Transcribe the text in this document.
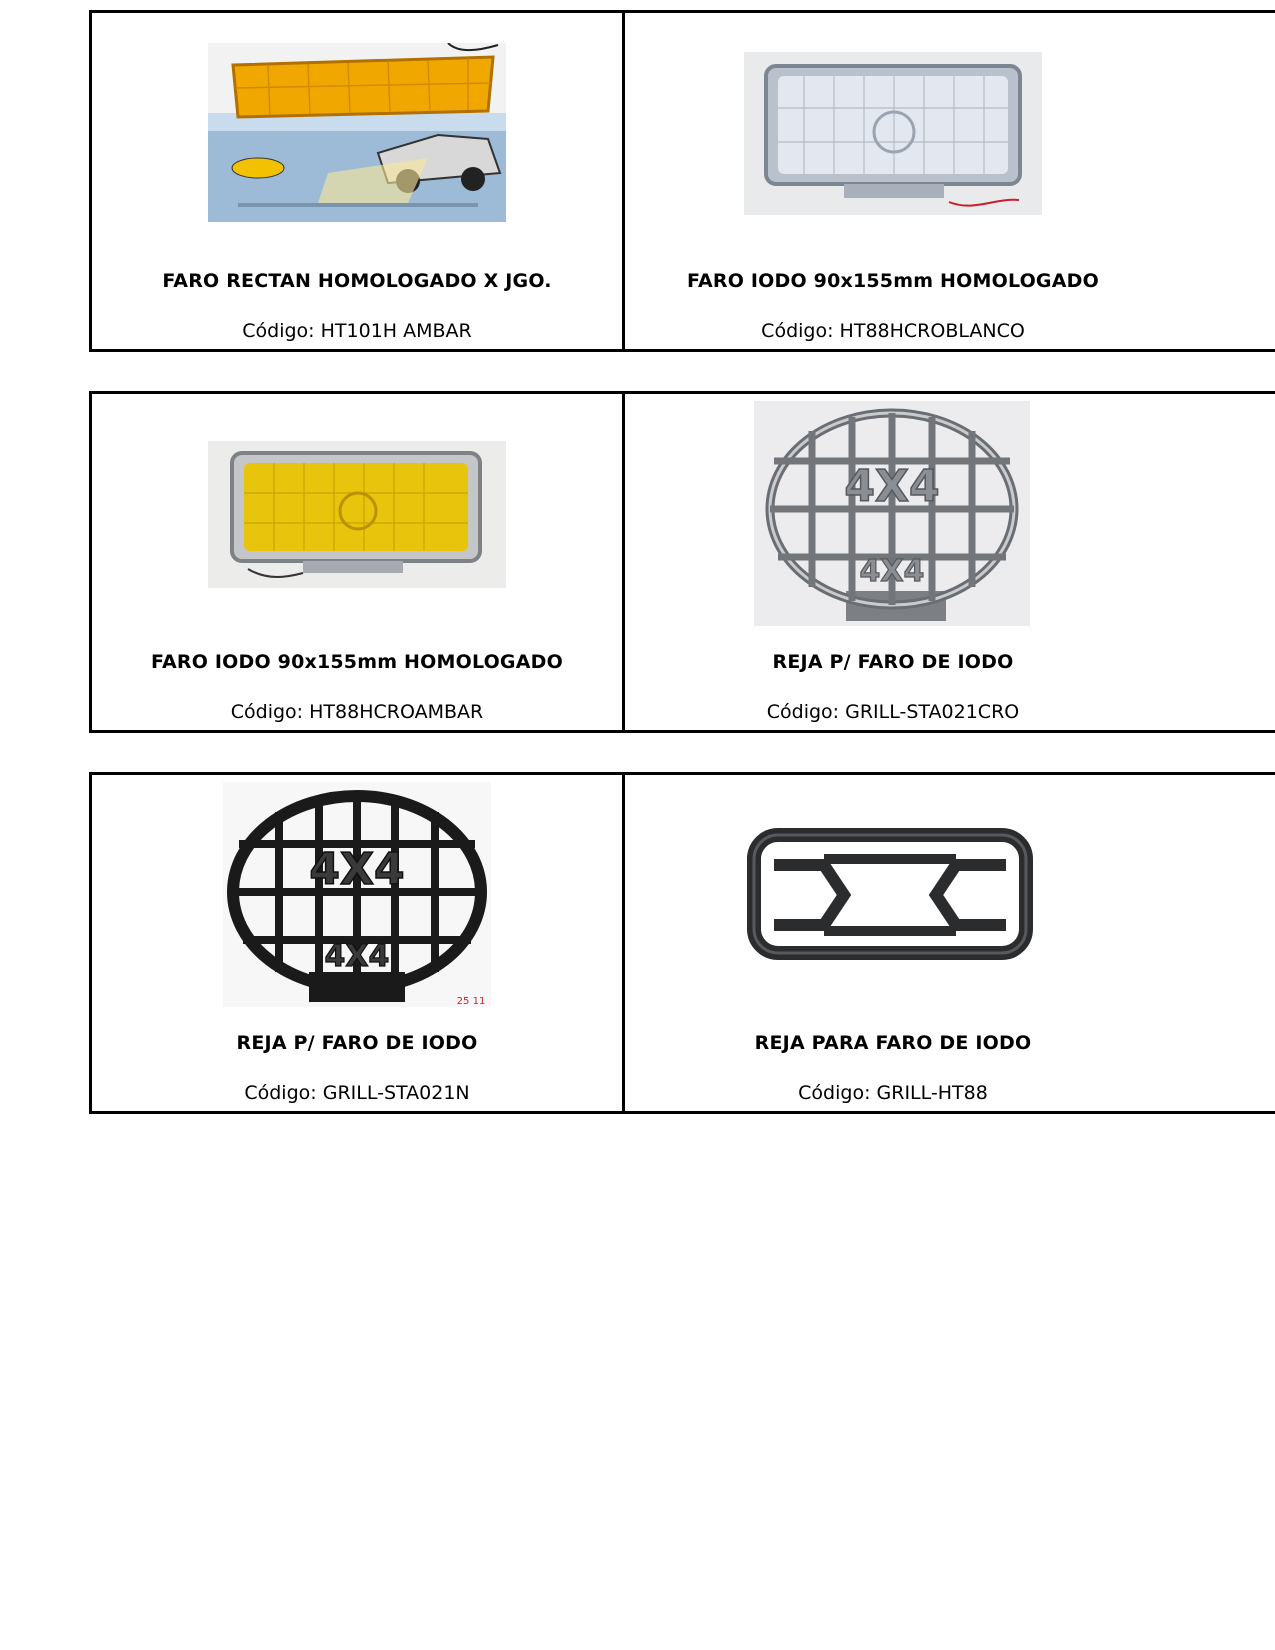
FARO RECTAN HOMOLOGADO X JGO.
Código: HT101H AMBAR
FARO IODO 90x155mm HOMOLOGADO
Código: HT88HCROBLANCO
FARO IODO 90x155mm HOMOLOGADO
Código: HT88HCROAMBAR
4X4
4X4
REJA P/ FARO DE IODO
Código: GRILL-STA021CRO
4X4
4X4
25 11
REJA P/ FARO DE IODO
Código: GRILL-STA021N
REJA PARA FARO DE IODO
Código: GRILL-HT88
